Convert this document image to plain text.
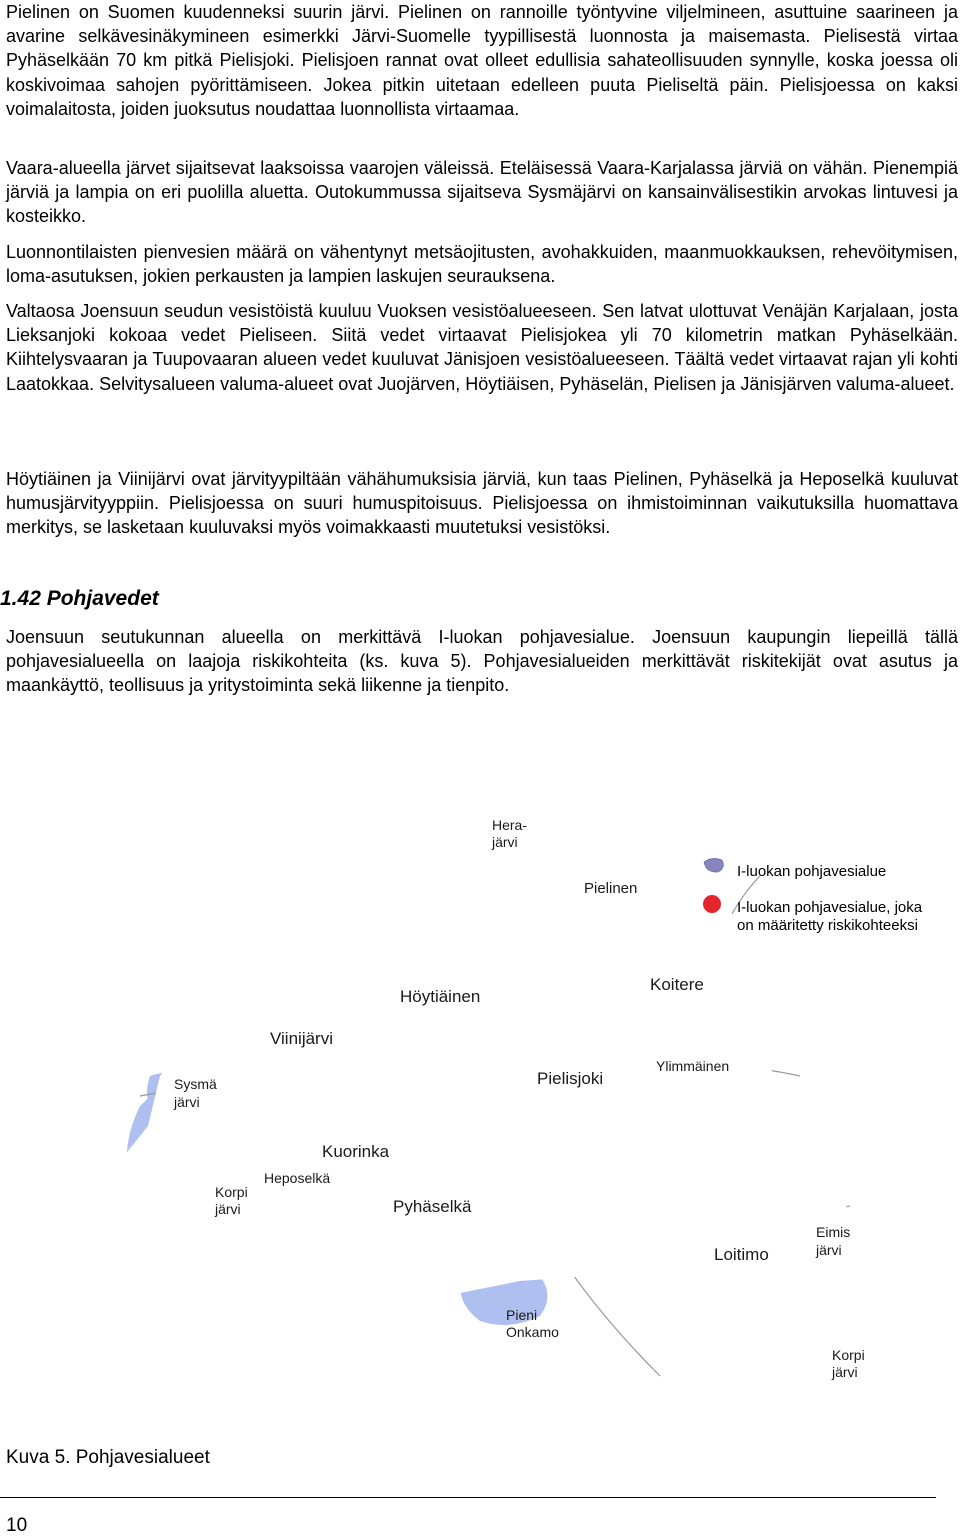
Pielinen on Suomen kuudenneksi suurin järvi. Pielinen on rannoille työntyvine viljelmineen, asuttuine saarineen ja avarine selkävesinäkymineen esimerkki Järvi-Suomelle tyypillisestä luonnosta ja maisemasta. Pielisestä virtaa Pyhäselkään 70 km pitkä Pielisjoki. Pielisjoen rannat ovat olleet edullisia sahateollisuuden synnylle, koska joessa oli koskivoimaa sahojen pyörittämiseen. Jokea pitkin uitetaan edelleen puuta Pieliseltä päin. Pielisjoessa on kaksi voimalaitosta, joiden juoksutus noudattaa luonnollista virtaamaa.

Vaara-alueella järvet sijaitsevat laaksoissa vaarojen väleissä. Eteläisessä Vaara-Karjalassa järviä on vähän. Pienempiä järviä ja lampia on eri puolilla aluetta. Outokummussa sijaitseva Sysmäjärvi on kansainvälisestikin arvokas lintuvesi ja kosteikko.

Luonnontilaisten pienvesien määrä on vähentynyt metsäojitusten, avohakkuiden, maanmuokkauksen, rehevöitymisen, loma-asutuksen, jokien perkausten ja lampien laskujen seurauksena.

Valtaosa Joensuun seudun vesistöistä kuuluu Vuoksen vesistöalueeseen. Sen latvat ulottuvat Venäjän Karjalaan, josta Lieksanjoki kokoaa vedet Pieliseen. Siitä vedet virtaavat Pielisjokea yli 70 kilometrin matkan Pyhäselkään. Kiihtelysvaaran ja Tuupovaaran alueen vedet kuuluvat Jänisjoen vesistöalueeseen. Täältä vedet virtaavat rajan yli kohti Laatokkaa. Selvitysalueen valuma-alueet ovat Juojärven, Höytiäisen, Pyhäselän, Pielisen ja Jänisjärven valuma-alueet.

Höytiäinen ja Viinijärvi ovat järvityypiltään vähähumuksisia järviä, kun taas Pielinen, Pyhäselkä ja Heposelkä kuuluvat humusjärvityyppiin. Pielisjoessa on suuri humuspitoisuus. Pielisjoessa on ihmistoiminnan vaikutuksilla huomattava merkitys, se lasketaan kuuluvaksi myös voimakkaasti muutetuksi vesistöksi.

1.42 Pohjavedet

Joensuun seutukunnan alueella on merkittävä I-luokan pohjavesialue. Joensuun kaupungin liepeillä tällä pohjavesialueella on laajoja riskikohteita (ks. kuva 5). Pohjavesialueiden merkittävät riskitekijät ovat asutus ja maankäyttö, teollisuus ja yritystoiminta sekä liikenne ja tienpito.

Hera-
järvi
Pielinen
Koitere
Höytiäinen
Viinijärvi
Ylimmäinen
Pielisjoki
Sysmä
järvi
Kuorinka
Heposelkä
Korpi
järvi	Pyhäselkä
Eimis
järvi
Loitimo
Pieni
Onkamo
Korpi
järvi
I-luokan pohjavesialue
I-luokan pohjavesialue, joka
on määritetty riskikohteeksi

Kuva 5. Pohjavesialueet

10
